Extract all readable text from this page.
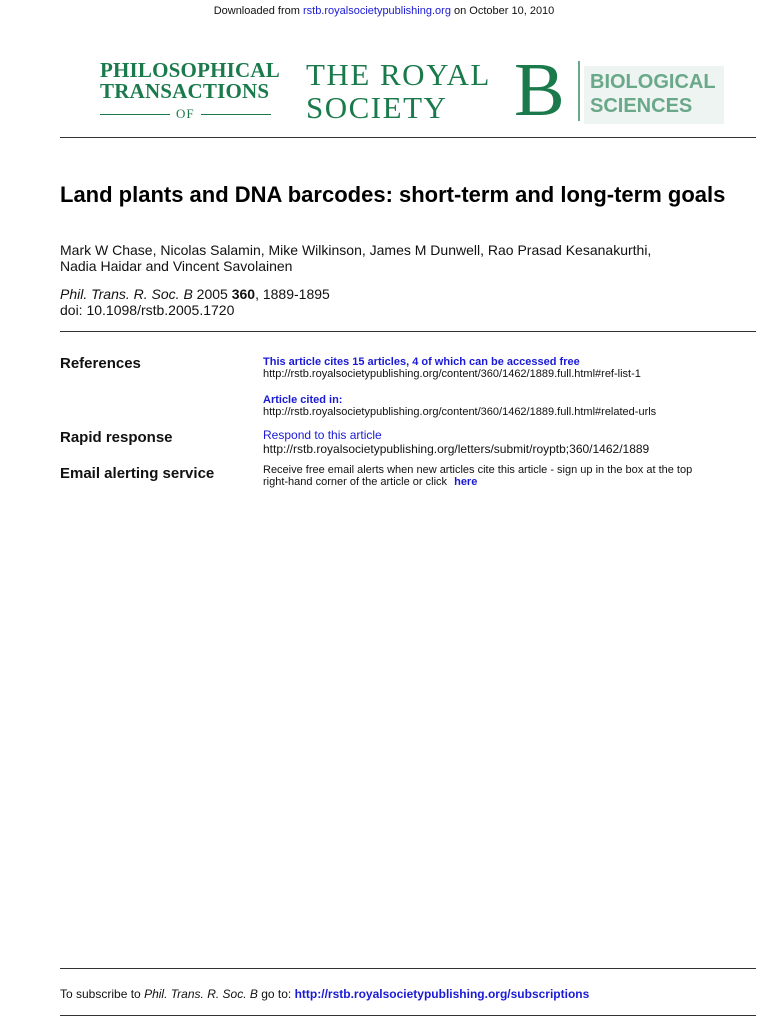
Downloaded from rstb.royalsocietypublishing.org on October 10, 2010
PHILOSOPHICAL
TRANSACTIONS
OF
THE ROYAL
SOCIETY B BIOLOGICAL
SCIENCES
Land plants and DNA barcodes: short-term and long-term goals
Mark W Chase, Nicolas Salamin, Mike Wilkinson, James M Dunwell, Rao Prasad Kesanakurthi,
Nadia Haidar and Vincent Savolainen
Phil. Trans. R. Soc. B 2005 360, 1889-1895
doi: 10.1098/rstb.2005.1720
References	This article cites 15 articles, 4 of which can be accessed free
http://rstb.royalsocietypublishing.org/content/360/1462/1889.full.html#ref-list-1
Article cited in:
http://rstb.royalsocietypublishing.org/content/360/1462/1889.full.html#related-urls
Rapid response	Respond to this article
http://rstb.royalsocietypublishing.org/letters/submit/royptb;360/1462/1889
Email alerting service	Receive free email alerts when new articles cite this article - sign up in the box at the top
right-hand corner of the article or click here
To subscribe to Phil. Trans. R. Soc. B go to: http://rstb.royalsocietypublishing.org/subscriptions
